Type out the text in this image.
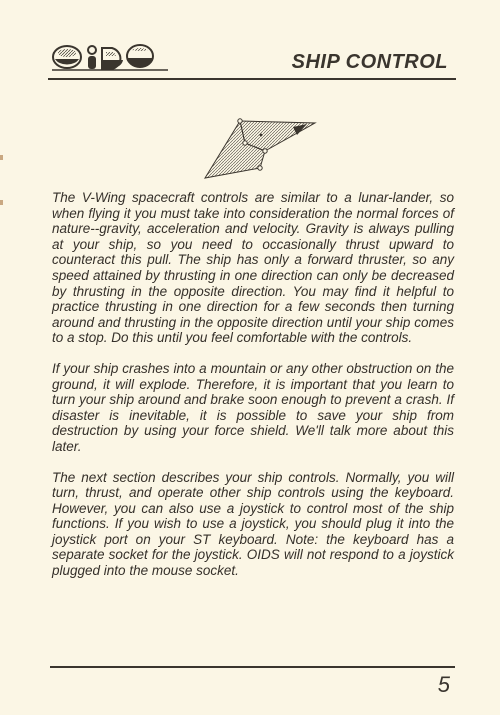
SHIP CONTROL

The V-Wing spacecraft controls are similar to a lunar-lander, so when flying it you must take into consideration the normal forces of nature--gravity, acceleration and velocity. Gravity is always pulling at your ship, so you need to occasionally thrust upward to counteract this pull. The ship has only a forward thruster, so any speed attained by thrusting in one direction can only be decreased by thrusting in the opposite direction. You may find it helpful to practice thrusting in one direction for a few seconds then turning around and thrusting in the opposite direction until your ship comes to a stop. Do this until you feel comfortable with the controls.

If your ship crashes into a mountain or any other obstruction on the ground, it will explode. Therefore, it is important that you learn to turn your ship around and brake soon enough to prevent a crash. If disaster is inevitable, it is possible to save your ship from destruction by using your force shield. We'll talk more about this later.

The next section describes your ship controls. Normally, you will turn, thrust, and operate other ship controls using the keyboard. However, you can also use a joystick to control most of the ship functions. If you wish to use a joystick, you should plug it into the joystick port on your ST keyboard. Note: the keyboard has a separate socket for the joystick. OIDS will not respond to a joystick plugged into the mouse socket.

5
